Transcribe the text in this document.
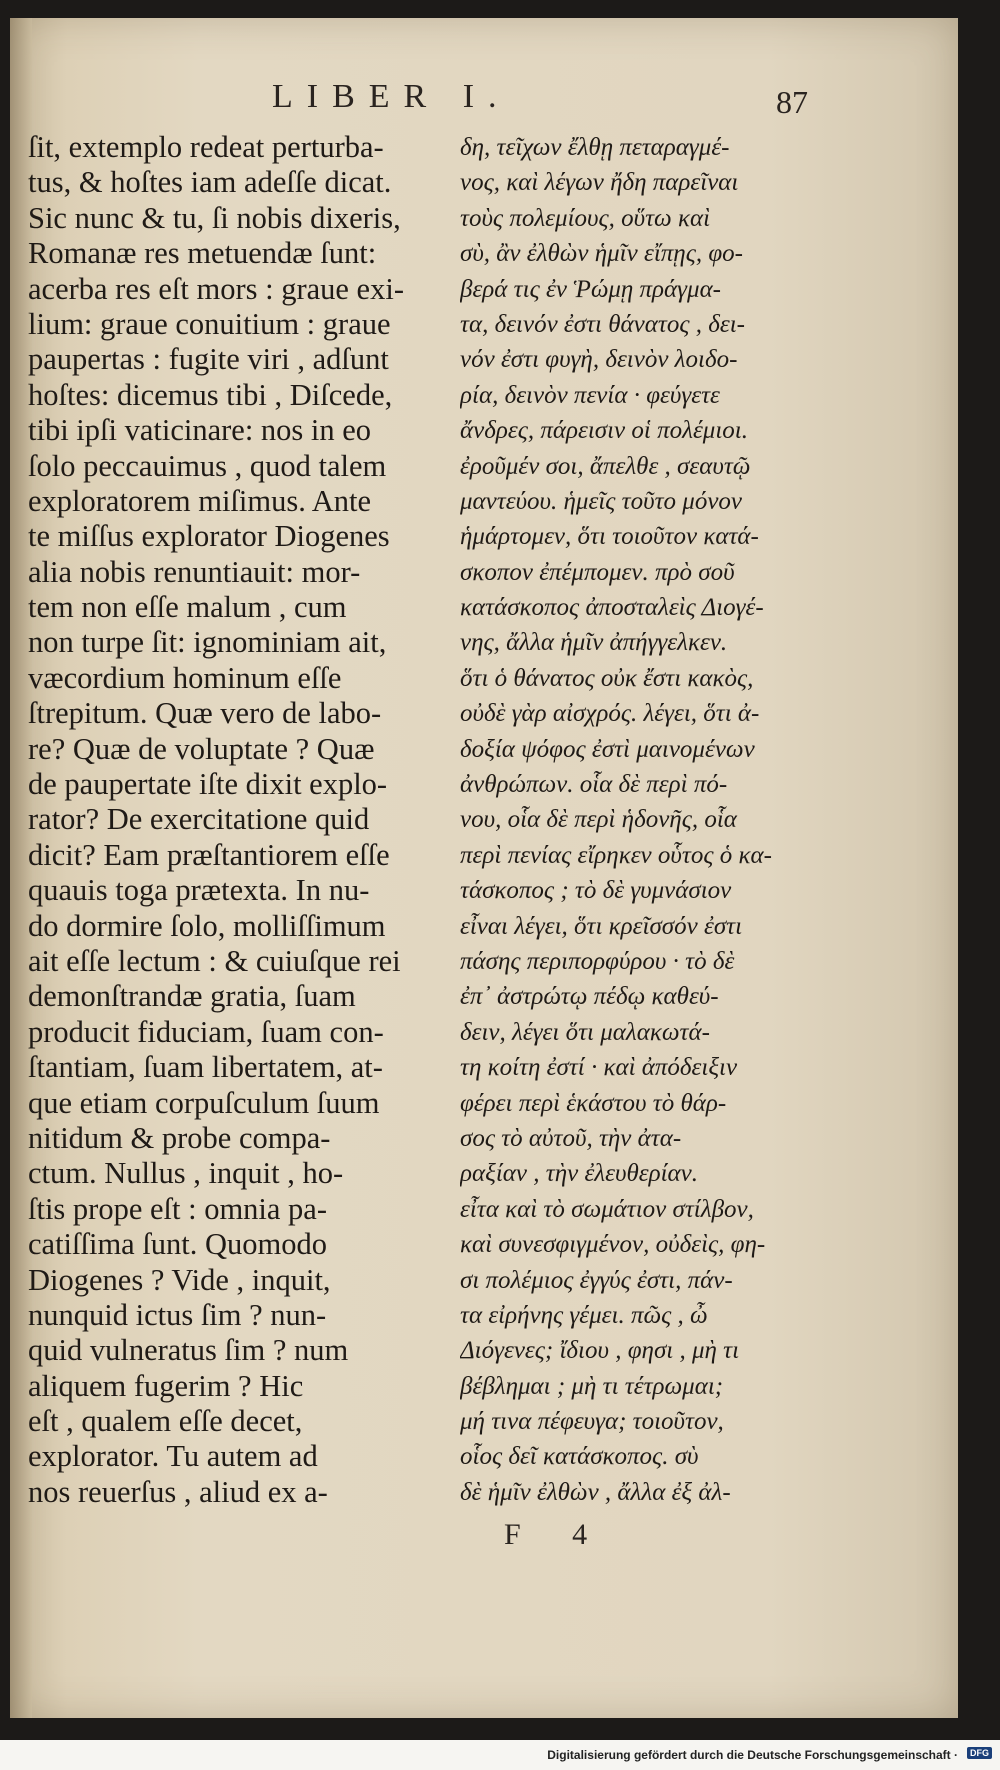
LIBER I.	87
ſit, extemplo redeat perturba-
tus, & hoſtes iam adeſſe dicat.
Sic nunc & tu, ſi nobis dixeris,
Romanæ res metuendæ ſunt:
acerba res eſt mors : graue exi-
lium: graue conuitium : graue
paupertas : fugite viri , adſunt
hoſtes: dicemus tibi , Diſcede,
tibi ipſi vaticinare: nos in eo
ſolo peccauimus , quod talem
exploratorem miſimus. Ante
te miſſus explorator Diogenes
alia nobis renuntiauit: mor-
tem non eſſe malum , cum
non turpe ſit: ignominiam ait,
væcordium hominum eſſe
ſtrepitum. Quæ vero de labo-
re? Quæ de voluptate ? Quæ
de paupertate iſte dixit explo-
rator? De exercitatione quid
dicit? Eam præſtantiorem eſſe
quauis toga prætexta. In nu-
do dormire ſolo, molliſſimum
ait eſſe lectum : & cuiuſque rei
demonſtrandæ gratia, ſuam
producit fiduciam, ſuam con-
ſtantiam, ſuam libertatem, at-
que etiam corpuſculum ſuum
nitidum & probe compa-
ctum. Nullus , inquit , ho-
ſtis prope eſt : omnia pa-
catiſſima ſunt. Quomodo
Diogenes ? Vide , inquit,
nunquid ictus ſim ? nun-
quid vulneratus ſim ? num
aliquem fugerim ? Hic
eſt , qualem eſſe decet,
explorator. Tu autem ad
nos reuerſus , aliud ex a-
δη, τεῖχων ἔλθῃ πεταραγμέ-
νος, καὶ λέγων ἤδη παρεῖναι
τοὺς πολεμίους, οὕτω καὶ
σὺ, ἂν ἐλθὼν ἡμῖν εἴπῃς, φο-
βερά τις ἐν Ῥώμῃ πράγμα-
τα, δεινόν ἐστι θάνατος , δει-
νόν ἐστι φυγὴ, δεινὸν λοιδο-
ρία, δεινὸν πενία · φεύγετε
ἄνδρες, πάρεισιν οἱ πολέμιοι.
ἐροῦμέν σοι, ἄπελθε , σεαυτῷ
μαντεύου. ἡμεῖς τοῦτο μόνον
ἡμάρτομεν, ὅτι τοιοῦτον κατά-
σκοπον ἐπέμπομεν. πρὸ σοῦ
κατάσκοπος ἀποσταλεὶς Διογέ-
νης, ἄλλα ἡμῖν ἀπήγγελκεν.
ὅτι ὁ θάνατος οὐκ ἔστι κακὸς,
οὐδὲ γὰρ αἰσχρός. λέγει, ὅτι ἀ-
δοξία ψόφος ἐστὶ μαινομένων
ἀνθρώπων. οἷα δὲ περὶ πό-
νου, οἷα δὲ περὶ ἡδονῆς, οἷα
περὶ πενίας εἴρηκεν οὗτος ὁ κα-
τάσκοπος ; τὸ δὲ γυμνάσιον
εἶναι λέγει, ὅτι κρεῖσσόν ἐστι
πάσης περιπορφύρου · τὸ δὲ
ἐπ᾽ ἀστρώτῳ πέδῳ καθεύ-
δειν, λέγει ὅτι μαλακωτά-
τη κοίτη ἐστί · καὶ ἀπόδειξιν
φέρει περὶ ἑκάστου τὸ θάρ-
σος τὸ αὐτοῦ, τὴν ἀτα-
ραξίαν , τὴν ἐλευθερίαν.
εἶτα καὶ τὸ σωμάτιον στίλβον,
καὶ συνεσφιγμένον, οὐδεὶς, φη-
σι πολέμιος ἐγγύς ἐστι, πάν-
τα εἰρήνης γέμει. πῶς , ὦ
Διόγενες; ἴδιου , φησι , μὴ τι
βέβλημαι ; μὴ τι τέτρωμαι;
μή τινα πέφευγα; τοιοῦτον,
οἷος δεῖ κατάσκοπος. σὺ
δὲ ἡμῖν ἐλθὼν , ἄλλα ἐξ ἀλ-
F 4
Digitalisierung gefördert durch die Deutsche Forschungsgemeinschaft ·	DFG
